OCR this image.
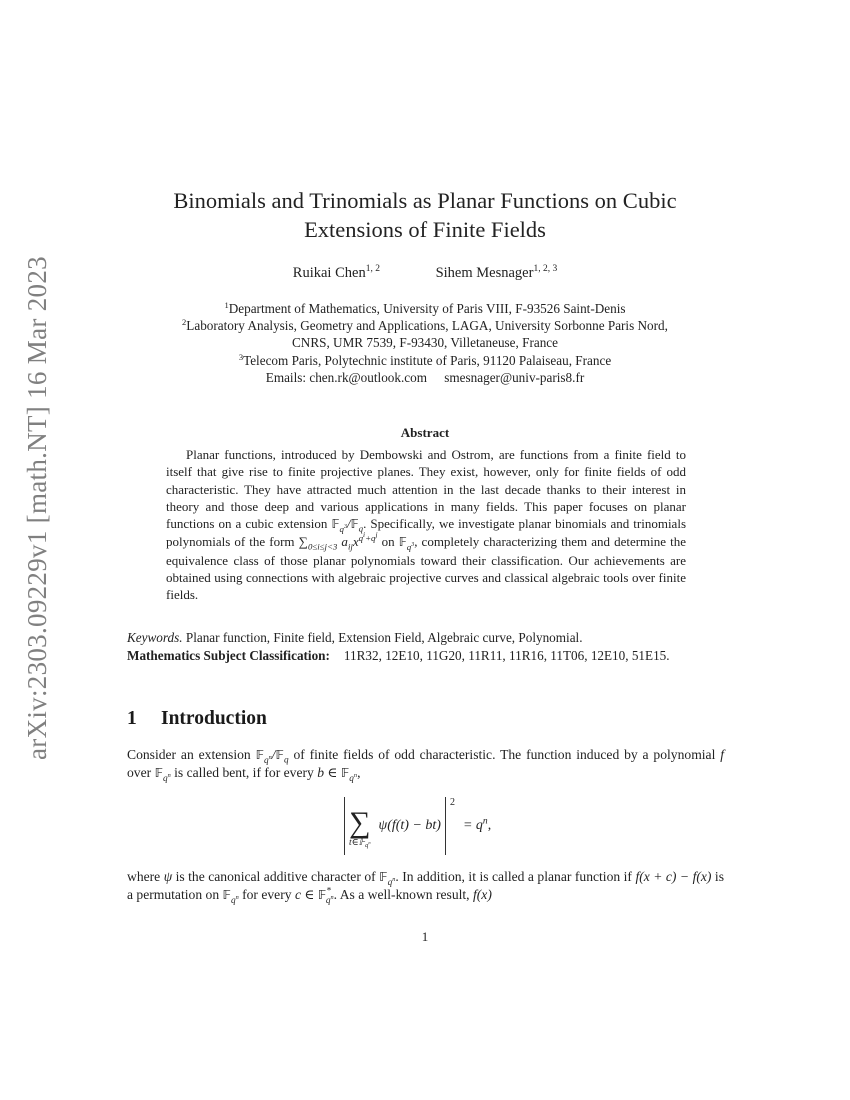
arXiv:2303.09229v1 [math.NT] 16 Mar 2023
Binomials and Trinomials as Planar Functions on Cubic
Extensions of Finite Fields
Ruikai Chen$^{1, 2}$	Sihem Mesnager$^{1, 2, 3}$
$^1$Department of Mathematics, University of Paris VIII, F-93526 Saint-Denis
$^2$Laboratory Analysis, Geometry and Applications, LAGA, University Sorbonne Paris Nord,
CNRS, UMR 7539, F-93430, Villetaneuse, France
$^3$Telecom Paris, Polytechnic institute of Paris, 91120 Palaiseau, France
Emails: chen.rk@outlook.com smesnager@univ-paris8.fr
Abstract

Planar functions, introduced by Dembowski and Ostrom, are functions from a finite field to itself that give rise to finite projective planes. They exist, however, only for finite fields of odd characteristic. They have attracted much attention in the last decade thanks to their interest in theory and those deep and various applications in many fields. This paper focuses on planar functions on a cubic extension 𝔽$_{q^3}$/𝔽$_q$. Specifically, we investigate planar binomials and trinomials polynomials of the form $\sum_{0\le i\le j<3}$ $a_{ij}x^{q^i+q^j}$ on 𝔽$_{q^3}$, completely characterizing them and determine the equivalence class of those planar polynomials toward their classification. Our achievements are obtained using connections with algebraic projective curves and classical algebraic tools over finite fields.

Keywords. Planar function, Finite field, Extension Field, Algebraic curve, Polynomial.
Mathematics Subject Classification: 11R32, 12E10, 11G20, 11R11, 11R16, 11T06, 12E10, 51E15.
1 Introduction

Consider an extension 𝔽$_{q^n}$/𝔽$_q$ of finite fields of odd characteristic. The function induced by a polynomial f over 𝔽$_{q^n}$ is called bent, if for every b ∈ 𝔽$_{q^n}$,

∑
t∈𝔽$_{q^n}$
ψ(f(t) − bt)
2
= $q^n$,

where ψ is the canonical additive character of 𝔽$_{q^n}$. In addition, it is called a planar function if f(x + c) − f(x) is a permutation on 𝔽$_{q^n}$ for every c ∈ 𝔽*$_{q^n}$. As a well-known result, f(x)

1
